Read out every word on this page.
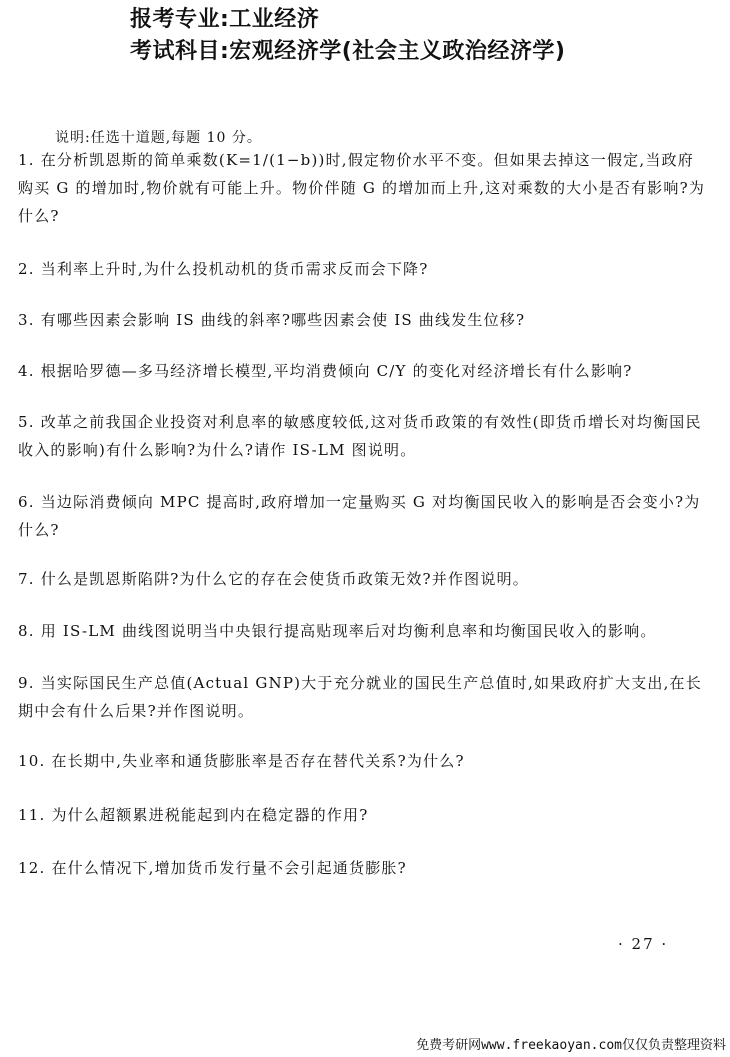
报考专业:工业经济
考试科目:宏观经济学(社会主义政治经济学)
说明:任选十道题,每题 10 分。
1. 在分析凯恩斯的简单乘数(K=1/(1−b))时,假定物价水平不变。但如果去掉这一假定,当政府购买 G 的增加时,物价就有可能上升。物价伴随 G 的增加而上升,这对乘数的大小是否有影响?为什么?
2. 当利率上升时,为什么投机动机的货币需求反而会下降?
3. 有哪些因素会影响 IS 曲线的斜率?哪些因素会使 IS 曲线发生位移?
4. 根据哈罗德—多马经济增长模型,平均消费倾向 C/Y 的变化对经济增长有什么影响?
5. 改革之前我国企业投资对利息率的敏感度较低,这对货币政策的有效性(即货币增长对均衡国民收入的影响)有什么影响?为什么?请作 IS-LM 图说明。
6. 当边际消费倾向 MPC 提高时,政府增加一定量购买 G 对均衡国民收入的影响是否会变小?为什么?
7. 什么是凯恩斯陷阱?为什么它的存在会使货币政策无效?并作图说明。
8. 用 IS-LM 曲线图说明当中央银行提高贴现率后对均衡利息率和均衡国民收入的影响。
9. 当实际国民生产总值(Actual GNP)大于充分就业的国民生产总值时,如果政府扩大支出,在长期中会有什么后果?并作图说明。
10. 在长期中,失业率和通货膨胀率是否存在替代关系?为什么?
11. 为什么超额累进税能起到内在稳定器的作用?
12. 在什么情况下,增加货币发行量不会引起通货膨胀?
· 27 ·
免费考研网www.freekaoyan.com仅仅负责整理资料
